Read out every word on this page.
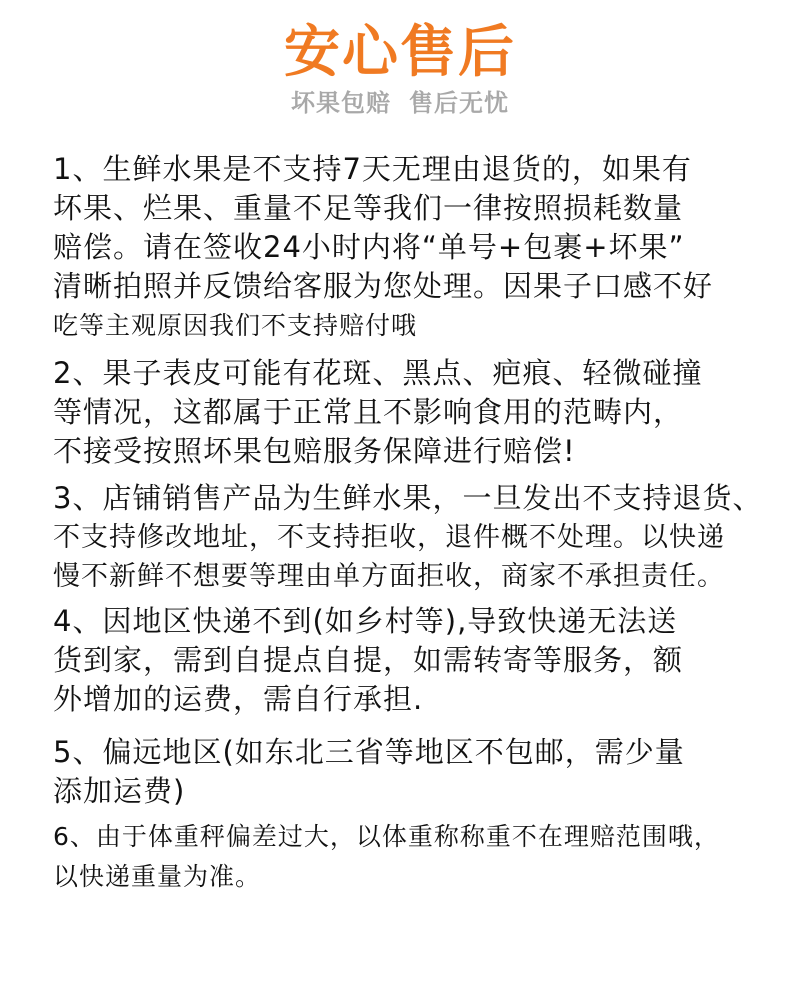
安心售后
坏果包赔 售后无忧
1、生鲜水果是不支持7天无理由退货的，如果有
坏果、烂果、重量不足等我们一律按照损耗数量
赔偿。请在签收24小时内将“单号+包裹+坏果”
清晰拍照并反馈给客服为您处理。因果子口感不好
吃等主观原因我们不支持赔付哦
2、果子表皮可能有花斑、黑点、疤痕、轻微碰撞
等情况，这都属于正常且不影响食用的范畴内，
不接受按照坏果包赔服务保障进行赔偿!
3、店铺销售产品为生鲜水果，一旦发出不支持退货、
不支持修改地址，不支持拒收，退件概不处理。以快递
慢不新鲜不想要等理由单方面拒收，商家不承担责任。
4、因地区快递不到(如乡村等),导致快递无法送
货到家，需到自提点自提，如需转寄等服务，额
外增加的运费，需自行承担.
5、偏远地区(如东北三省等地区不包邮，需少量
添加运费)
6、由于体重秤偏差过大，以体重称称重不在理赔范围哦，
以快递重量为准。
